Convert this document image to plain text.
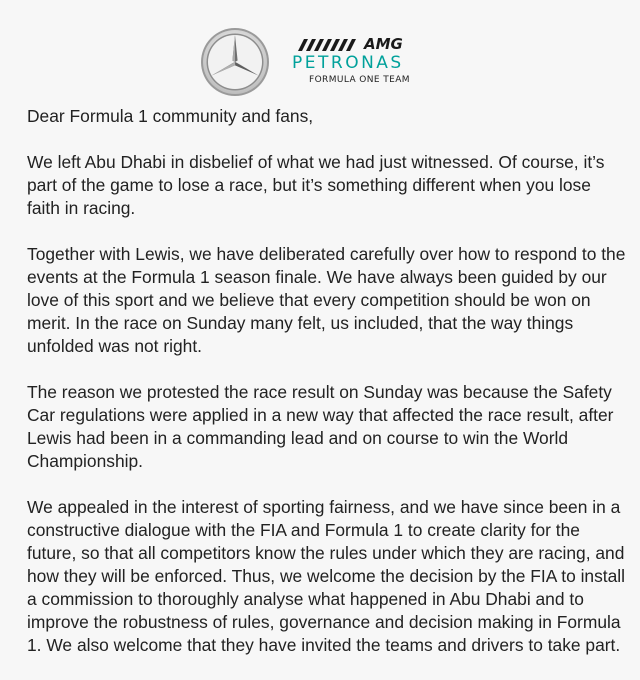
AMG
PETRONAS
FORMULA ONE TEAM

Dear Formula 1 community and fans,

We left Abu Dhabi in disbelief of what we had just witnessed. Of course, it’s
part of the game to lose a race, but it’s something different when you lose
faith in racing.

Together with Lewis, we have deliberated carefully over how to respond to the
events at the Formula 1 season finale. We have always been guided by our
love of this sport and we believe that every competition should be won on
merit. In the race on Sunday many felt, us included, that the way things
unfolded was not right.

The reason we protested the race result on Sunday was because the Safety
Car regulations were applied in a new way that affected the race result, after
Lewis had been in a commanding lead and on course to win the World
Championship.

We appealed in the interest of sporting fairness, and we have since been in a
constructive dialogue with the FIA and Formula 1 to create clarity for the
future, so that all competitors know the rules under which they are racing, and
how they will be enforced. Thus, we welcome the decision by the FIA to install
a commission to thoroughly analyse what happened in Abu Dhabi and to
improve the robustness of rules, governance and decision making in Formula
1. We also welcome that they have invited the teams and drivers to take part.
